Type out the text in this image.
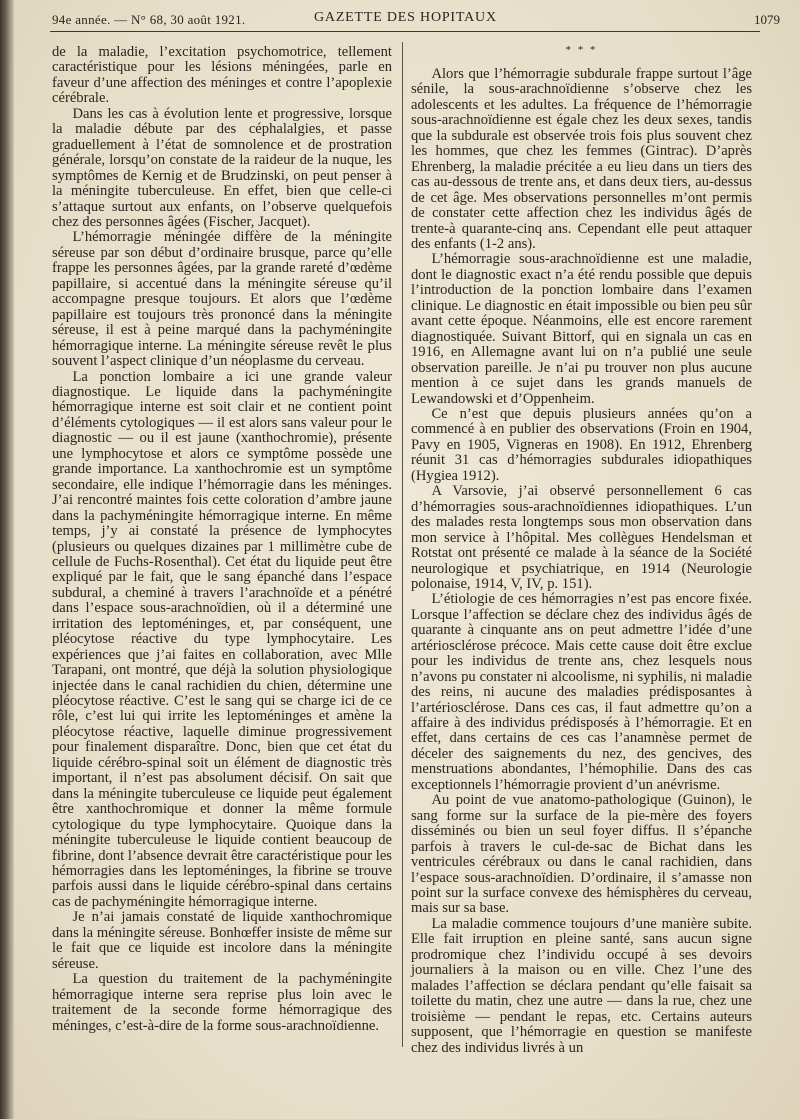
94e année. — N° 68, 30 août 1921.	GAZETTE DES HOPITAUX	1079

de la maladie, l’excitation psychomotrice, tellement caractéristique pour les lésions méningées, parle en faveur d’une affection des méninges et contre l’apoplexie cérébrale.

Dans les cas à évolution lente et progressive, lorsque la maladie débute par des céphalalgies, et passe graduellement à l’état de somnolence et de prostration générale, lorsqu’on constate de la raideur de la nuque, les symptômes de Kernig et de Brudzinski, on peut penser à la méningite tuberculeuse. En effet, bien que celle-ci s’attaque surtout aux enfants, on l’observe quelquefois chez des personnes âgées (Fischer, Jacquet).

L’hémorragie méningée diffère de la méningite séreuse par son début d’ordinaire brusque, parce qu’elle frappe les personnes âgées, par la grande rareté d’œdème papillaire, si accentué dans la méningite séreuse qu’il accompagne presque toujours. Et alors que l’œdème papillaire est toujours très prononcé dans la méningite séreuse, il est à peine marqué dans la pachyméningite hémorragique interne. La méningite séreuse revêt le plus souvent l’aspect clinique d’un néoplasme du cerveau.

La ponction lombaire a ici une grande valeur diagnostique. Le liquide dans la pachyméningite hémorragique interne est soit clair et ne contient point d’éléments cytologiques — il est alors sans valeur pour le diagnostic — ou il est jaune (xanthochromie), présente une lymphocytose et alors ce symptôme possède une grande importance. La xanthochromie est un symptôme secondaire, elle indique l’hémorragie dans les méninges. J’ai rencontré maintes fois cette coloration d’ambre jaune dans la pachyméningite hémorragique interne. En même temps, j’y ai constaté la présence de lymphocytes (plusieurs ou quelques dizaines par 1 millimètre cube de cellule de Fuchs-Rosenthal). Cet état du liquide peut être expliqué par le fait, que le sang épanché dans l’espace subdural, a cheminé à travers l’arachnoïde et a pénétré dans l’espace sous-arachnoïdien, où il a déterminé une irritation des leptoméninges, et, par conséquent, une pléocytose réactive du type lymphocytaire. Les expériences que j’ai faites en collaboration, avec Mlle Tarapani, ont montré, que déjà la solution physiologique injectée dans le canal rachidien du chien, détermine une pléocytose réactive. C’est le sang qui se charge ici de ce rôle, c’est lui qui irrite les leptoméninges et amène la pléocytose réactive, laquelle diminue progressivement pour finalement disparaître. Donc, bien que cet état du liquide cérébro-spinal soit un élément de diagnostic très important, il n’est pas absolument décisif. On sait que dans la méningite tuberculeuse ce liquide peut également être xanthochromique et donner la même formule cytologique du type lymphocytaire. Quoique dans la méningite tuberculeuse le liquide contient beaucoup de fibrine, dont l’absence devrait être caractéristique pour les hémorragies dans les leptoméninges, la fibrine se trouve parfois aussi dans le liquide cérébro-spinal dans certains cas de pachyméningite hémorragique interne.

Je n’ai jamais constaté de liquide xanthochromique dans la méningite séreuse. Bonhœffer insiste de même sur le fait que ce liquide est incolore dans la méningite séreuse.

La question du traitement de la pachyméningite hémorragique interne sera reprise plus loin avec le traitement de la seconde forme hémorragique des méninges, c’est-à-dire de la forme sous-arachnoïdienne.

* * *

Alors que l’hémorragie subdurale frappe surtout l’âge sénile, la sous-arachnoïdienne s’observe chez les adolescents et les adultes. La fréquence de l’hémorragie sous-arachnoïdienne est égale chez les deux sexes, tandis que la subdurale est observée trois fois plus souvent chez les hommes, que chez les femmes (Gintrac). D’après Ehrenberg, la maladie précitée a eu lieu dans un tiers des cas au-dessous de trente ans, et dans deux tiers, au-dessus de cet âge. Mes observations personnelles m’ont permis de constater cette affection chez les individus âgés de trente-à quarante-cinq ans. Cependant elle peut attaquer des enfants (1-2 ans).

L’hémorragie sous-arachnoïdienne est une maladie, dont le diagnostic exact n’a été rendu possible que depuis l’introduction de la ponction lombaire dans l’examen clinique. Le diagnostic en était impossible ou bien peu sûr avant cette époque. Néanmoins, elle est encore rarement diagnostiquée. Suivant Bittorf, qui en signala un cas en 1916, en Allemagne avant lui on n’a publié une seule observation pareille. Je n’ai pu trouver non plus aucune mention à ce sujet dans les grands manuels de Lewandowski et d’Oppenheim.

Ce n’est que depuis plusieurs années qu’on a commencé à en publier des observations (Froin en 1904, Pavy en 1905, Vigneras en 1908). En 1912, Ehrenberg réunit 31 cas d’hémorragies subdurales idiopathiques (Hygiea 1912).

A Varsovie, j’ai observé personnellement 6 cas d’hémorragies sous-arachnoïdiennes idiopathiques. L’un des malades resta longtemps sous mon observation dans mon service à l’hôpital. Mes collègues Hendelsman et Rotstat ont présenté ce malade à la séance de la Société neurologique et psychiatrique, en 1914 (Neurologie polonaise, 1914, V, IV, p. 151).

L’étiologie de ces hémorragies n’est pas encore fixée. Lorsque l’affection se déclare chez des individus âgés de quarante à cinquante ans on peut admettre l’idée d’une artériosclérose précoce. Mais cette cause doit être exclue pour les individus de trente ans, chez lesquels nous n’avons pu constater ni alcoolisme, ni syphilis, ni maladie des reins, ni aucune des maladies prédisposantes à l’artériosclérose. Dans ces cas, il faut admettre qu’on a affaire à des individus prédisposés à l’hémorragie. Et en effet, dans certains de ces cas l’anamnèse permet de déceler des saignements du nez, des gencives, des menstruations abondantes, l’hémophilie. Dans des cas exceptionnels l’hémorragie provient d’un anévrisme.

Au point de vue anatomo-pathologique (Guinon), le sang forme sur la surface de la pie-mère des foyers disséminés ou bien un seul foyer diffus. Il s’épanche parfois à travers le cul-de-sac de Bichat dans les ventricules cérébraux ou dans le canal rachidien, dans l’espace sous-arachnoïdien. D’ordinaire, il s’amasse non point sur la surface convexe des hémisphères du cerveau, mais sur sa base.

La maladie commence toujours d’une manière subite. Elle fait irruption en pleine santé, sans aucun signe prodromique chez l’individu occupé à ses devoirs journaliers à la maison ou en ville. Chez l’une des malades l’affection se déclara pendant qu’elle faisait sa toilette du matin, chez une autre — dans la rue, chez une troisième — pendant le repas, etc. Certains auteurs supposent, que l’hémorragie en question se manifeste chez des individus livrés à un
